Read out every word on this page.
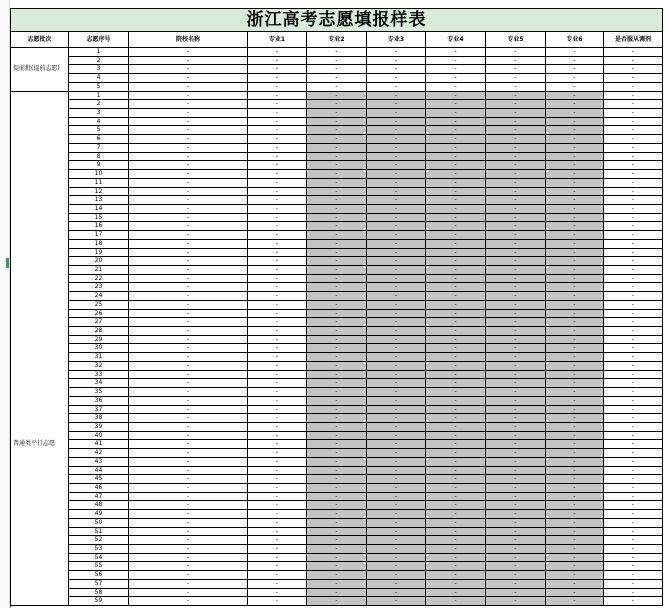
浙江高考志愿填报样表
志愿批次	志愿序号	院校名称	专业1	专业2	专业3	专业4	专业5	专业6	是否服从调剂
提前批(提前志愿)
1	-	-	-	-	-	-	-	-
2	-	-	-	-	-	-	-	-
3	-	-	-	-	-	-	-	-
4	-	-	-	-	-	-	-	-
5	-	-	-	-	-	-	-	-
普通类平行志愿
1	-	-	-	-	-	-	-	-
2	-	-	-	-	-	-	-	-
3	-	-	-	-	-	-	-	-
4	-	-	-	-	-	-	-	-
5	-	-	-	-	-	-	-	-
6	-	-	-	-	-	-	-	-
7	-	-	-	-	-	-	-	-
8	-	-	-	-	-	-	-	-
9	-	-	-	-	-	-	-	-
10	-	-	-	-	-	-	-	-
11	-	-	-	-	-	-	-	-
12	-	-	-	-	-	-	-	-
13	-	-	-	-	-	-	-	-
14	-	-	-	-	-	-	-	-
15	-	-	-	-	-	-	-	-
16	-	-	-	-	-	-	-	-
17	-	-	-	-	-	-	-	-
18	-	-	-	-	-	-	-	-
19	-	-	-	-	-	-	-	-
20	-	-	-	-	-	-	-	-
21	-	-	-	-	-	-	-	-
22	-	-	-	-	-	-	-	-
23	-	-	-	-	-	-	-	-
24	-	-	-	-	-	-	-	-
25	-	-	-	-	-	-	-	-
26	-	-	-	-	-	-	-	-
27	-	-	-	-	-	-	-	-
28	-	-	-	-	-	-	-	-
29	-	-	-	-	-	-	-	-
30	-	-	-	-	-	-	-	-
31	-	-	-	-	-	-	-	-
32	-	-	-	-	-	-	-	-
33	-	-	-	-	-	-	-	-
34	-	-	-	-	-	-	-	-
35	-	-	-	-	-	-	-	-
36	-	-	-	-	-	-	-	-
37	-	-	-	-	-	-	-	-
38	-	-	-	-	-	-	-	-
39	-	-	-	-	-	-	-	-
40	-	-	-	-	-	-	-	-
41	-	-	-	-	-	-	-	-
42	-	-	-	-	-	-	-	-
43	-	-	-	-	-	-	-	-
44	-	-	-	-	-	-	-	-
45	-	-	-	-	-	-	-	-
46	-	-	-	-	-	-	-	-
47	-	-	-	-	-	-	-	-
48	-	-	-	-	-	-	-	-
49	-	-	-	-	-	-	-	-
50	-	-	-	-	-	-	-	-
51	-	-	-	-	-	-	-	-
52	-	-	-	-	-	-	-	-
53	-	-	-	-	-	-	-	-
54	-	-	-	-	-	-	-	-
55	-	-	-	-	-	-	-	-
56	-	-	-	-	-	-	-	-
57	-	-	-	-	-	-	-	-
58	-	-	-	-	-	-	-	-
59	-	-	-	-	-	-	-	-
